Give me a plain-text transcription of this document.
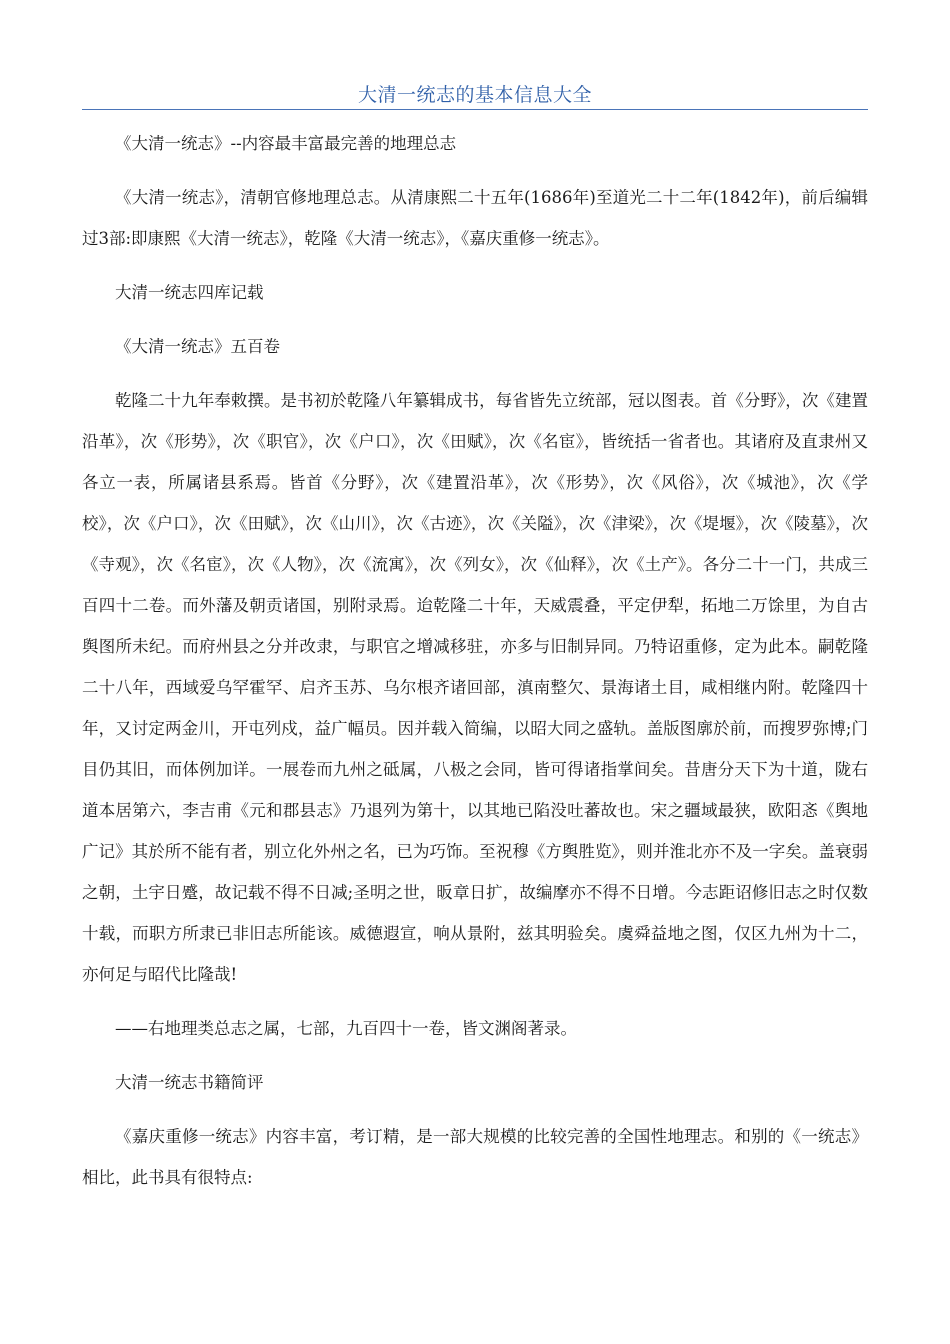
大清一统志的基本信息大全

《大清一统志》--内容最丰富最完善的地理总志

《大清一统志》，清朝官修地理总志。从清康熙二十五年(1686年)至道光二十二年(1842年)，前后编辑过3部:即康熙《大清一统志》，乾隆《大清一统志》，《嘉庆重修一统志》。

大清一统志四库记载

《大清一统志》五百卷

乾隆二十九年奉敕撰。是书初於乾隆八年纂辑成书，每省皆先立统部，冠以图表。首《分野》，次《建置沿革》，次《形势》，次《职官》，次《户口》，次《田赋》，次《名宦》，皆统括一省者也。其诸府及直隶州又各立一表，所属诸县系焉。皆首《分野》，次《建置沿革》，次《形势》，次《风俗》，次《城池》，次《学校》，次《户口》，次《田赋》，次《山川》，次《古迹》，次《关隘》，次《津梁》，次《堤堰》，次《陵墓》，次《寺观》，次《名宦》，次《人物》，次《流寓》，次《列女》，次《仙释》，次《土产》。各分二十一门，共成三百四十二卷。而外藩及朝贡诸国，别附录焉。迨乾隆二十年，天威震叠，平定伊犁，拓地二万馀里，为自古舆图所未纪。而府州县之分并改隶，与职官之增减移驻，亦多与旧制异同。乃特诏重修，定为此本。嗣乾隆二十八年，西域爱乌罕霍罕、启齐玉苏、乌尔根齐诸回部，滇南整欠、景海诸土目，咸相继内附。乾隆四十年，又讨定两金川，开屯列戍，益广幅员。因并载入简编，以昭大同之盛轨。盖版图廓於前，而搜罗弥博;门目仍其旧，而体例加详。一展卷而九州之砥属，八极之会同，皆可得诸指掌间矣。昔唐分天下为十道，陇右道本居第六，李吉甫《元和郡县志》乃退列为第十，以其地已陷没吐蕃故也。宋之疆域最狭，欧阳忞《舆地广记》其於所不能有者，别立化外州之名，已为巧饰。至祝穆《方舆胜览》，则并淮北亦不及一字矣。盖衰弱之朝，土宇日蹙，故记载不得不日减;圣明之世，昄章日扩，故编摩亦不得不日增。今志距诏修旧志之时仅数十载，而职方所隶已非旧志所能该。威德遐宣，响从景附，兹其明验矣。虞舜益地之图，仅区九州为十二，亦何足与昭代比隆哉!

——右地理类总志之属，七部，九百四十一卷，皆文渊阁著录。

大清一统志书籍简评

《嘉庆重修一统志》内容丰富，考订精，是一部大规模的比较完善的全国性地理志。和别的《一统志》相比，此书具有很特点:
